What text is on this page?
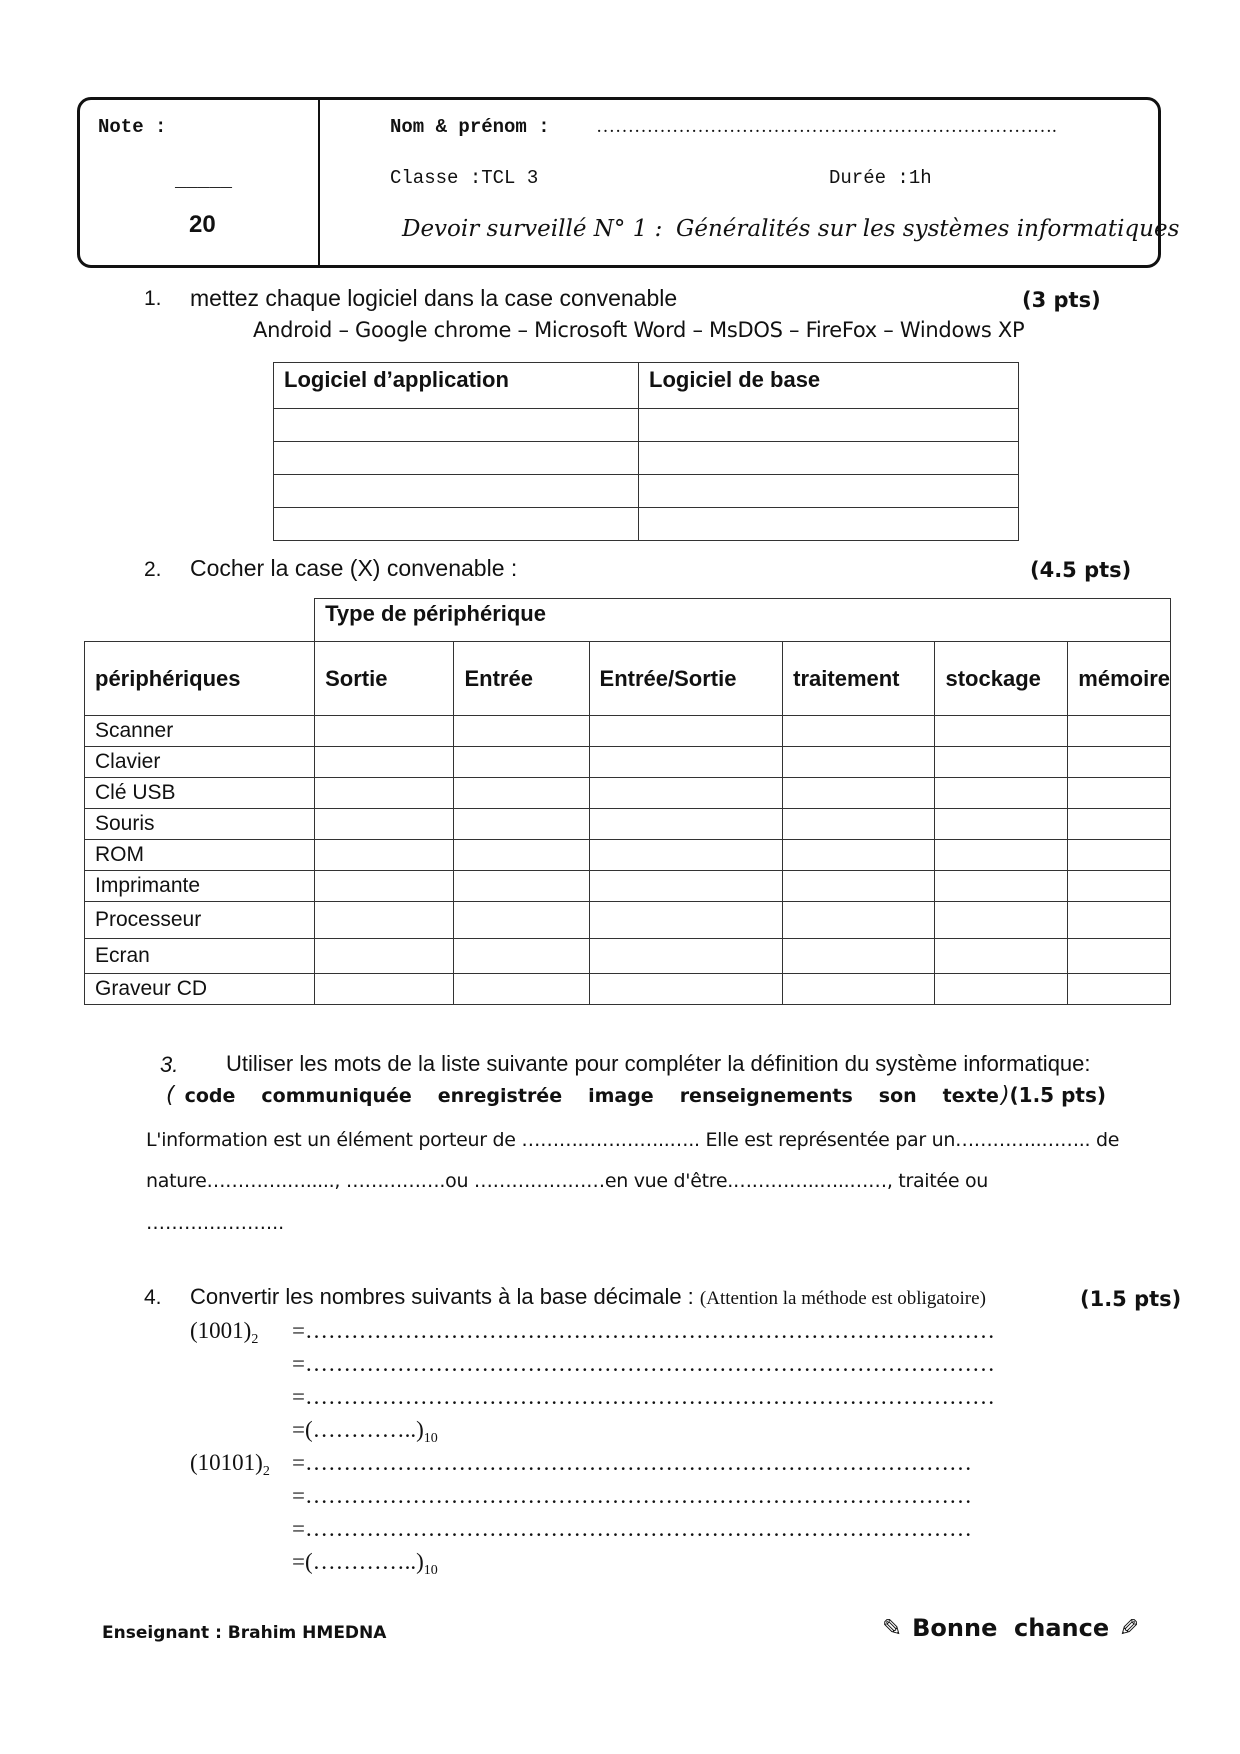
Note :
_____
20
Nom & prénom : ……………………………………………………………….
Classe :TCL 3	Durée :1h
Devoir surveillé N° 1 : Généralités sur les systèmes informatiques
1. mettez chaque logiciel dans la case convenable	(3 pts)
Android – Google chrome – Microsoft Word – MsDOS – FireFox – Windows XP
Logiciel d’application	Logiciel de base

2. Cocher la case (X) convenable :	(4.5 pts)
	Type de périphérique					
périphériques	Sortie	Entrée	Entrée/Sortie	traitement	stockage	mémoire
Scanner						
Clavier						
Clé USB						
Souris						
ROM						
Imprimante						
Processeur						
Ecran						
Graveur CD						
3. Utiliser les mots de la liste suivante pour compléter la définition du système informatique:
( code communiquée enregistrée image renseignements son texte ) (1.5 pts)
L'information est un élément porteur de ……….…………..….. Elle est représentée par un…………..…….. de
nature………….…....., …………….ou …………………en vue d'être.…………..…..……, traitée ou
……….………...
4. Convertir les nombres suivants à la base décimale : (Attention la méthode est obligatoire)	(1.5 pts)
$(1001)_2$ =………………………………………………………………………………
=………………………………………………………………………………
=………………………………………………………………………………
$=(\dots\dots\dots\dots..)_{10}$
$(10101)_2$ =……………………………………………………………………………
=……………………………………………………………………………
=……………………………………………………………………………
$=(\dots\dots\dots\dots..)_{10}$
Enseignant : Brahim HMEDNA	✎ Bonne  chance ✎
